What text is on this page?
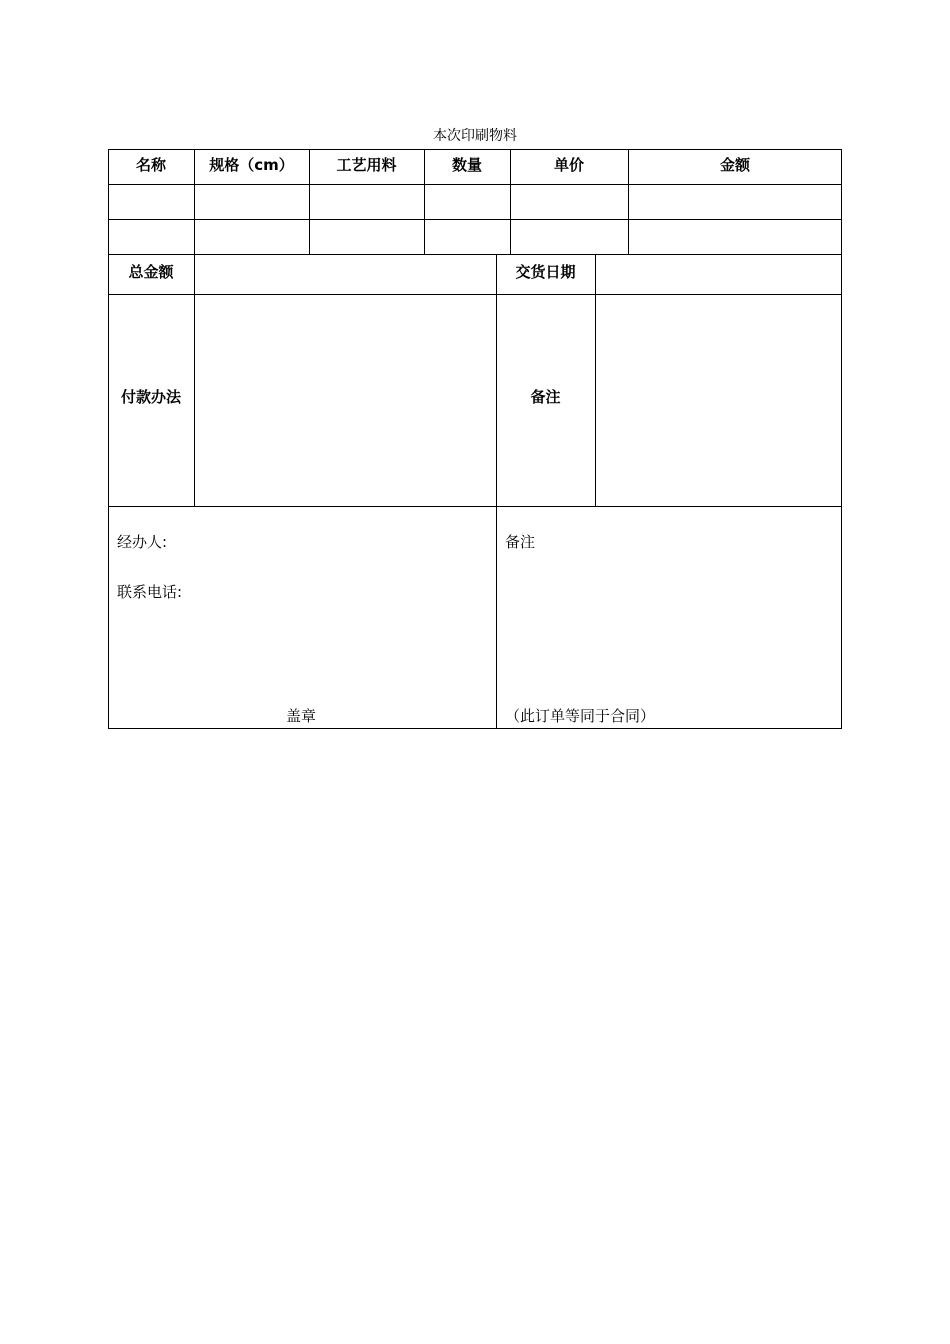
本次印刷物料
名称	规格（cm）	工艺用料	数量	单价	金额
总金额	交货日期
付款办法	备注
经办人:
联系电话:
盖章
备注
（此订单等同于合同）
